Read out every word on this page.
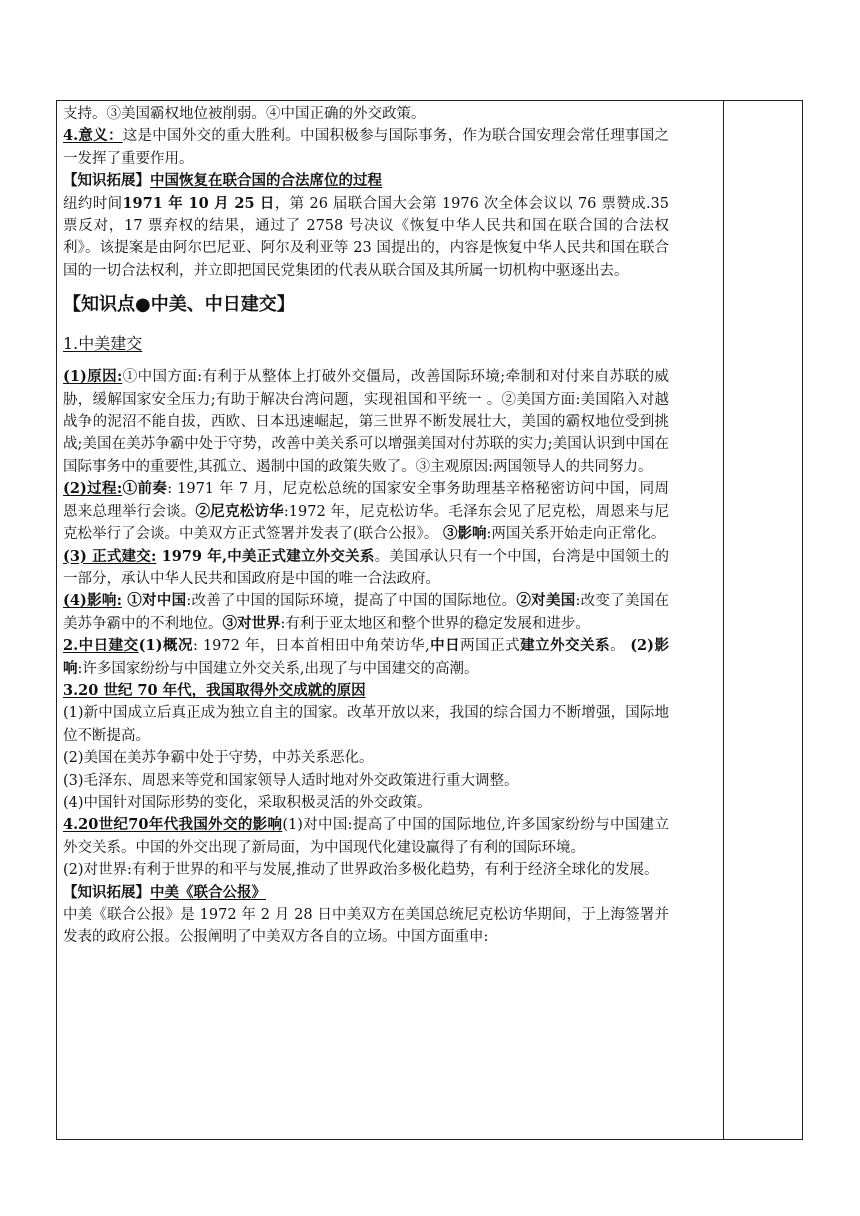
支持。③美国霸权地位被削弱。④中国正确的外交政策。

4.意义：这是中国外交的重大胜利。中国积极参与国际事务，作为联合国安理会常任理事国之一发挥了重要作用。

【知识拓展】中国恢复在联合国的合法席位的过程

纽约时间1971 年 10 月 25 日，第 26 届联合国大会第 1976 次全体会议以 76 票赞成.35 票反对，17 票弃权的结果，通过了 2758 号决议《恢复中华人民共和国在联合国的合法权利》。该提案是由阿尔巴尼亚、阿尔及利亚等 23 国提出的，内容是恢复中华人民共和国在联合国的一切合法权利，并立即把国民党集团的代表从联合国及其所属一切机构中驱逐出去。

【知识点●中美、中日建交】

1.中美建交

(1)原因:①中国方面:有利于从整体上打破外交僵局，改善国际环境;牵制和对付来自苏联的威胁，缓解国家安全压力;有助于解决台湾问题，实现祖国和平统一 。②美国方面:美国陷入对越战争的泥沼不能自拔，西欧、日本迅速崛起，第三世界不断发展壮大，美国的霸权地位受到挑战;美国在美苏争霸中处于守势，改善中美关系可以增强美国对付苏联的实力;美国认识到中国在国际事务中的重要性,其孤立、遏制中国的政策失败了。③主观原因:两国领导人的共同努力。

(2)过程:①前奏: 1971 年 7 月，尼克松总统的国家安全事务助理基辛格秘密访问中国，同周恩来总理举行会谈。②尼克松访华:1972 年，尼克松访华。毛泽东会见了尼克松，周恩来与尼克松举行了会谈。中美双方正式签署并发表了(联合公报》。 ③影响:两国关系开始走向正常化。

(3) 正式建交: 1979 年,中美正式建立外交关系。美国承认只有一个中国，台湾是中国领土的一部分，承认中华人民共和国政府是中国的唯一合法政府。

(4)影响: ①对中国:改善了中国的国际环境，提高了中国的国际地位。②对美国:改变了美国在美苏争霸中的不利地位。③对世界:有利于亚太地区和整个世界的稳定发展和进步。

2.中日建交(1)概况: 1972 年，日本首相田中角荣访华,中日两国正式建立外交关系。 (2)影响:许多国家纷纷与中国建立外交关系,出现了与中国建交的高潮。

3.20 世纪 70 年代，我国取得外交成就的原因

(1)新中国成立后真正成为独立自主的国家。改革开放以来，我国的综合国力不断增强，国际地位不断提高。

(2)美国在美苏争霸中处于守势，中苏关系恶化。

(3)毛泽东、周恩来等党和国家领导人适时地对外交政策进行重大调整。

(4)中国针对国际形势的变化，采取积极灵活的外交政策。

4.20世纪70年代我国外交的影响(1)对中国:提高了中国的国际地位,许多国家纷纷与中国建立外交关系。中国的外交出现了新局面，为中国现代化建设赢得了有利的国际环境。

(2)对世界:有利于世界的和平与发展,推动了世界政治多极化趋势，有利于经济全球化的发展。

【知识拓展】中美《联合公报》

中美《联合公报》是 1972 年 2 月 28 日中美双方在美国总统尼克松访华期间，于上海签署并发表的政府公报。公报阐明了中美双方各自的立场。中国方面重申:
